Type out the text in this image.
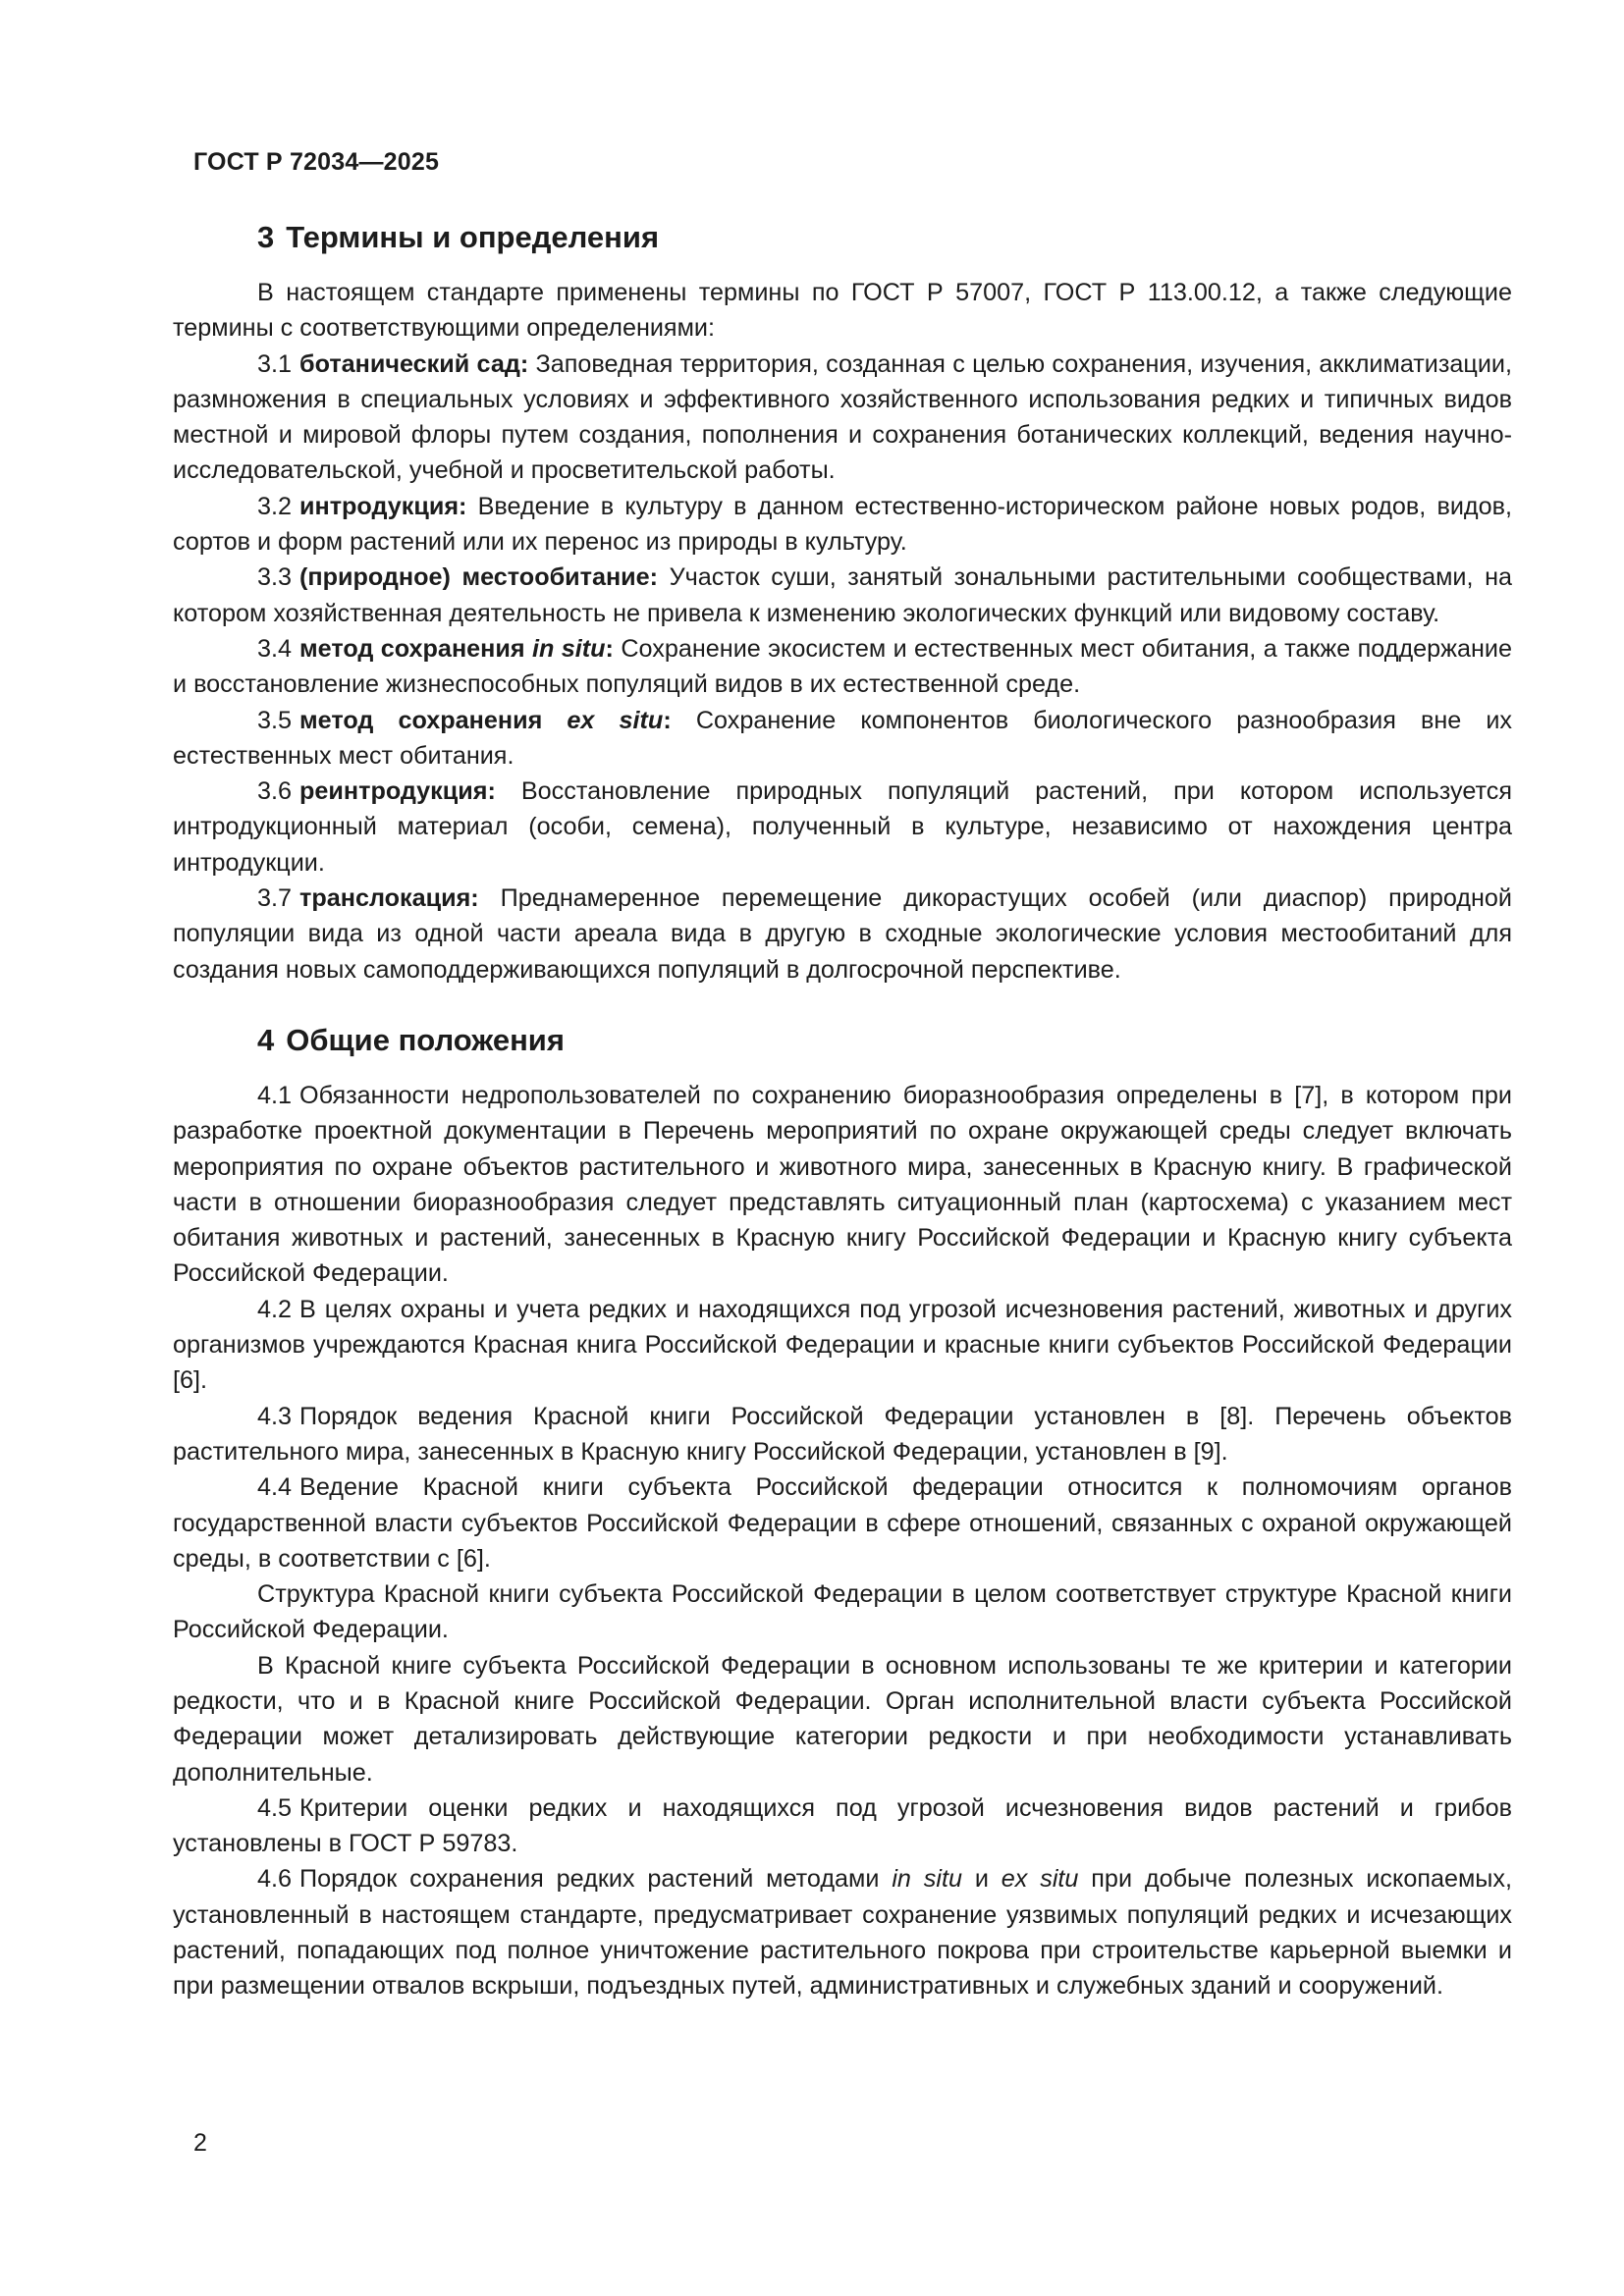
ГОСТ Р 72034—2025
3 Термины и определения

В настоящем стандарте применены термины по ГОСТ Р 57007, ГОСТ Р 113.00.12, а также следующие термины с соответствующими определениями:

3.1 ботанический сад: Заповедная территория, созданная с целью сохранения, изучения, акклиматизации, размножения в специальных условиях и эффективного хозяйственного использования редких и типичных видов местной и мировой флоры путем создания, пополнения и сохранения ботанических коллекций, ведения научно-исследовательской, учебной и просветительской работы.

3.2 интродукция: Введение в культуру в данном естественно-историческом районе новых родов, видов, сортов и форм растений или их перенос из природы в культуру.

3.3 (природное) местообитание: Участок суши, занятый зональными растительными сообществами, на котором хозяйственная деятельность не привела к изменению экологических функций или видовому составу.

3.4 метод сохранения in situ: Сохранение экосистем и естественных мест обитания, а также поддержание и восстановление жизнеспособных популяций видов в их естественной среде.

3.5 метод сохранения ex situ: Сохранение компонентов биологического разнообразия вне их естественных мест обитания.

3.6 реинтродукция: Восстановление природных популяций растений, при котором используется интродукционный материал (особи, семена), полученный в культуре, независимо от нахождения центра интродукции.

3.7 транслокация: Преднамеренное перемещение дикорастущих особей (или диаспор) природной популяции вида из одной части ареала вида в другую в сходные экологические условия местообитаний для создания новых самоподдерживающихся популяций в долгосрочной перспективе.

4 Общие положения

4.1 Обязанности недропользователей по сохранению биоразнообразия определены в [7], в котором при разработке проектной документации в Перечень мероприятий по охране окружающей среды следует включать мероприятия по охране объектов растительного и животного мира, занесенных в Красную книгу. В графической части в отношении биоразнообразия следует представлять ситуационный план (картосхема) с указанием мест обитания животных и растений, занесенных в Красную книгу Российской Федерации и Красную книгу субъекта Российской Федерации.

4.2 В целях охраны и учета редких и находящихся под угрозой исчезновения растений, животных и других организмов учреждаются Красная книга Российской Федерации и красные книги субъектов Российской Федерации [6].

4.3 Порядок ведения Красной книги Российской Федерации установлен в [8]. Перечень объектов растительного мира, занесенных в Красную книгу Российской Федерации, установлен в [9].

4.4 Ведение Красной книги субъекта Российской федерации относится к полномочиям органов государственной власти субъектов Российской Федерации в сфере отношений, связанных с охраной окружающей среды, в соответствии с [6].

Структура Красной книги субъекта Российской Федерации в целом соответствует структуре Красной книги Российской Федерации.

В Красной книге субъекта Российской Федерации в основном использованы те же критерии и категории редкости, что и в Красной книге Российской Федерации. Орган исполнительной власти субъекта Российской Федерации может детализировать действующие категории редкости и при необходимости устанавливать дополнительные.

4.5 Критерии оценки редких и находящихся под угрозой исчезновения видов растений и грибов установлены в ГОСТ Р 59783.

4.6 Порядок сохранения редких растений методами in situ и ex situ при добыче полезных ископаемых, установленный в настоящем стандарте, предусматривает сохранение уязвимых популяций редких и исчезающих растений, попадающих под полное уничтожение растительного покрова при строительстве карьерной выемки и при размещении отвалов вскрыши, подъездных путей, административных и служебных зданий и сооружений.

2
